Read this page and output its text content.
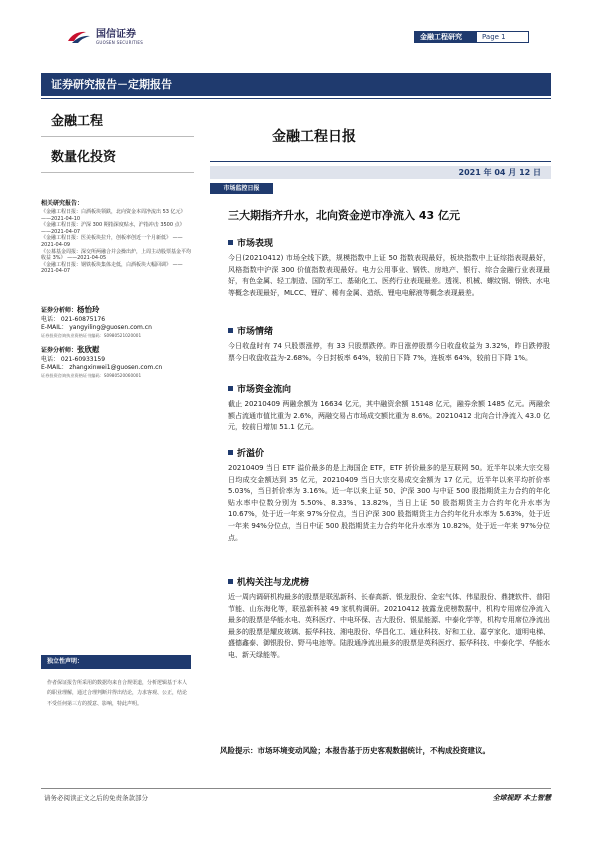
国信证券
GUOSEN SECURITIES
金融工程研究	Page 1
证券研究报告－定期报告
金融工程
数量化投资
金融工程日报
2021 年 04 月 12 日
市场监控日报
三大期指齐升水，北向资金逆市净流入 43 亿元
相关研究报告：
《金融工程日报：白酒板块领跌，北向资金本周净流出 53 亿元》 ——2021-04-10
《金融工程日报：沪深 300 期指深度贴水，沪指冲击 3500 点》 ——2021-04-07
《金融工程日报：医美板块拉升，创板率创近一个月新低》 ——2021-04-09
《公募基金周报：深交所两融合并会操出炉，上周主动股票基金平均收益 3%》 ——2021-04-05
《金融工程日报：钢铁板块集体走低，白酒板块大幅回调》 ——2021-04-07
证券分析师：杨怡玲
电话： 021-60875176
E-MAIL： yangyiling@guosen.com.cn
证券投资咨询执业资格证书编码：S0980521020001
证券分析师：张欣慰
电话： 021-60933159
E-MAIL： zhangxinwei1@guosen.com.cn
证券投资咨询执业资格证书编码：S0980520060001
独立性声明：
作者保证报告所采用的数据均来自合规渠道，分析逻辑基于本人的职业理解，通过合理判断并得出结论，力求客观、公正，结论不受任何第三方的授意、影响，特此声明。
市场表现
今日(20210412) 市场全线下跌，规模指数中上证 50 指数表现最好，板块指数中上证综指表现最好，风格指数中沪深 300 价值指数表现最好。电力公用事业、钢铁、房地产、银行、综合金融行业表现最好，有色金属、轻工制造、国防军工、基础化工、医药行业表现最差。透视、机械、螺纹钢、钢铁、水电等概念表现最好，MLCC、锂矿、稀有金属、造纸、锂电电解液等概念表现最差。
市场情绪
今日收盘时有 74 只股票涨停，有 33 只股票跌停。昨日涨停股票今日收盘收益为 3.32%，昨日跌停股票今日收盘收益为-2.68%。今日封板率 64%，较前日下降 7%，连板率 64%，较前日下降 1%。
市场资金流向
截止 20210409 两融余额为 16634 亿元，其中融资余额 15148 亿元，融券余额 1485 亿元。两融余额占流通市值比重为 2.6%，两融交易占市场成交额比重为 8.6%。20210412 北向合计净流入 43.0 亿元，较前日增加 51.1 亿元。
折溢价
20210409 当日 ETF 溢价最多的是上海国企 ETF，ETF 折价最多的是互联网 50。近半年以来大宗交易日均成交金额达到 35 亿元，20210409 当日大宗交易成交金额为 17 亿元，近半年以来平均折价率 5.03%，当日折价率为 3.16%。近一年以来上证 50、沪深 300 与中证 500 股指期货主力合约的年化贴水率中位数分别为 5.50%、8.33%、13.82%，当日上证 50 股指期货主力合约年化升水率为 10.67%，处于近一年来 97%分位点，当日沪深 300 股指期货主力合约年化升水率为 5.63%，处于近一年来 94%分位点，当日中证 500 股指期货主力合约年化升水率为 10.82%，处于近一年来 97%分位点。
机构关注与龙虎榜
近一周内调研机构最多的股票是联泓新科、长春高新、银龙股份、金宏气体、伟星股份、鼎捷软件、普阳节能、山东海化等，联泓新科被 49 家机构调研。20210412 披露龙虎榜数据中，机构专用席位净流入最多的股票是华能水电、英科医疗、中电环保、吉大股份、银星能源、中泰化学等，机构专用席位净流出最多的股票是耀皮玻璃、振华科技、湘电股份、华昌化工、通业科技、好和工业、嘉亨家化、道明电梯、盛德鑫泰、御银股份、野马电池等。陆股通净流出最多的股票是英科医疗、振华科技、中泰化学、华能水电、新天绿能等。
风险提示：市场环境变动风险；本报告基于历史客观数据统计，不构成投资建议。
请务必阅读正文之后的免责条款部分	全球视野 本土智慧
